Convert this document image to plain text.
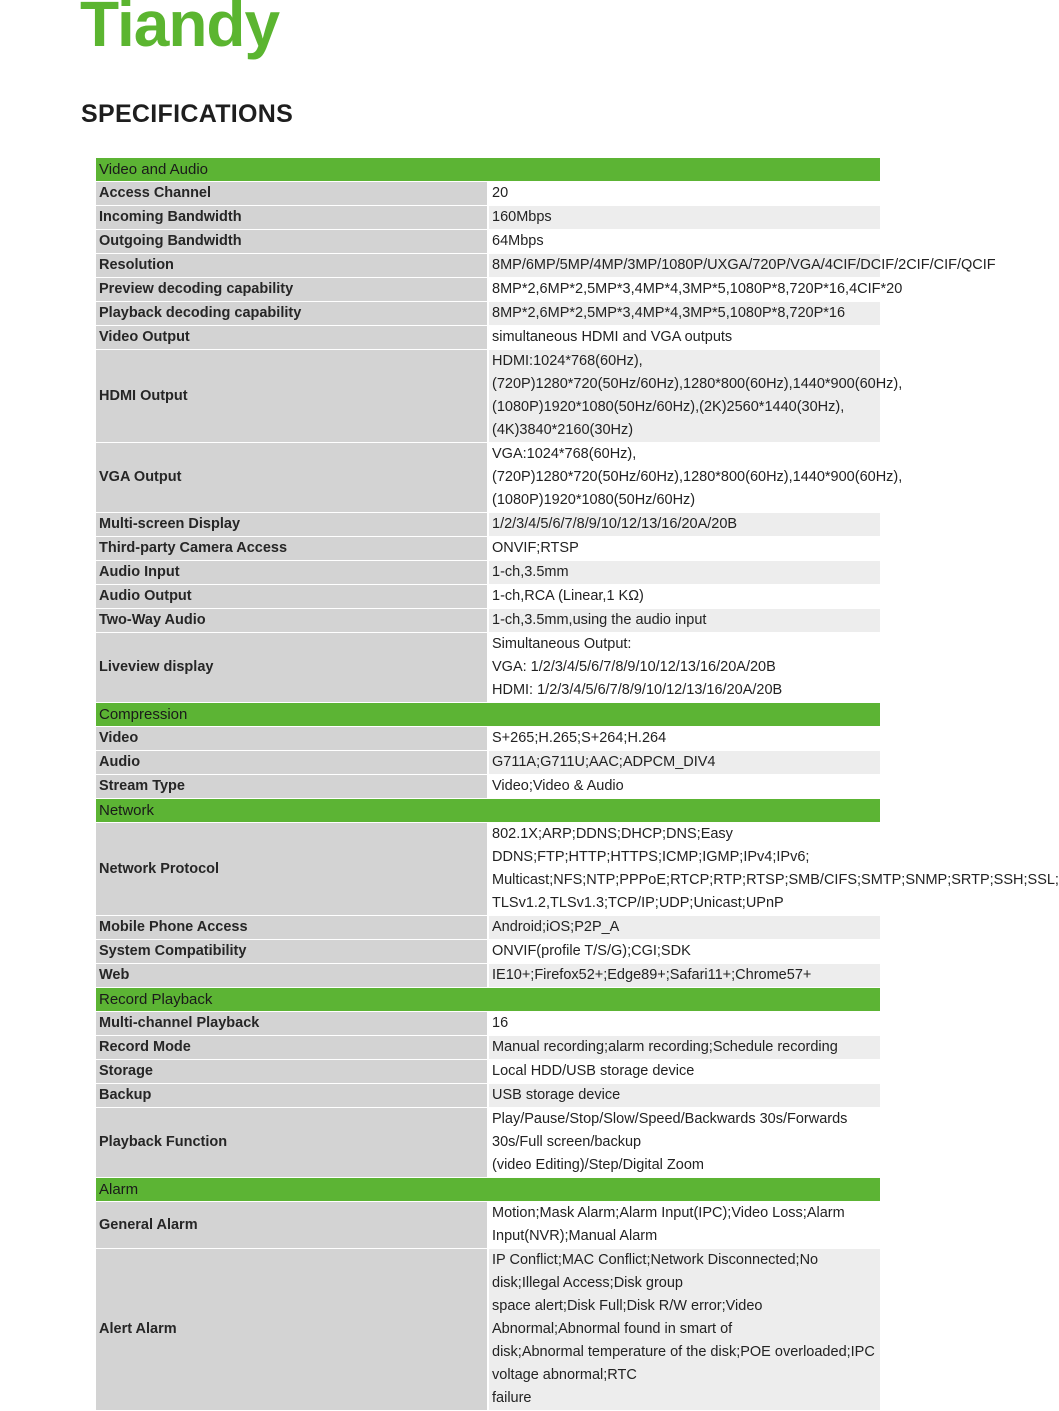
Tiandy
SPECIFICATIONS
Video and Audio	
Access Channel	20

Incoming Bandwidth	160Mbps

Outgoing Bandwidth	64Mbps

Resolution	8MP/6MP/5MP/4MP/3MP/1080P/UXGA/720P/VGA/4CIF/DCIF/2CIF/CIF/QCIF

Preview decoding capability	8MP*2,6MP*2,5MP*3,4MP*4,3MP*5,1080P*8,720P*16,4CIF*20

Playback decoding capability	8MP*2,6MP*2,5MP*3,4MP*4,3MP*5,1080P*8,720P*16

Video Output	simultaneous HDMI and VGA outputs

HDMI Output	HDMI:1024*768(60Hz),(720P)1280*720(50Hz/60Hz),1280*800(60Hz),1440*900(60Hz),
(1080P)1920*1080(50Hz/60Hz),(2K)2560*1440(30Hz),(4K)3840*2160(30Hz)

VGA Output	VGA:1024*768(60Hz),(720P)1280*720(50Hz/60Hz),1280*800(60Hz),1440*900(60Hz),
(1080P)1920*1080(50Hz/60Hz)

Multi-screen Display	1/2/3/4/5/6/7/8/9/10/12/13/16/20A/20B

Third-party Camera Access	ONVIF;RTSP

Audio Input	1-ch,3.5mm

Audio Output	1-ch,RCA (Linear,1 KΩ)

Two-Way Audio	1-ch,3.5mm,using the audio input

Liveview display	Simultaneous Output:
VGA: 1/2/3/4/5/6/7/8/9/10/12/13/16/20A/20B
HDMI: 1/2/3/4/5/6/7/8/9/10/12/13/16/20A/20B

Compression	
Video	S+265;H.265;S+264;H.264

Audio	G711A;G711U;AAC;ADPCM_DIV4

Stream Type	Video;Video & Audio

Network	
Network Protocol	802.1X;ARP;DDNS;DHCP;DNS;Easy DDNS;FTP;HTTP;HTTPS;ICMP;IGMP;IPv4;IPv6;
Multicast;NFS;NTP;PPPoE;RTCP;RTP;RTSP;SMB/CIFS;SMTP;SNMP;SRTP;SSH;SSL;
TLSv1.2,TLSv1.3;TCP/IP;UDP;Unicast;UPnP

Mobile Phone Access	Android;iOS;P2P_A

System Compatibility	ONVIF(profile T/S/G);CGI;SDK

Web	IE10+;Firefox52+;Edge89+;Safari11+;Chrome57+

Record Playback	
Multi-channel Playback	16

Record Mode	Manual recording;alarm recording;Schedule recording

Storage	Local HDD/USB storage device

Backup	USB storage device

Playback Function	Play/Pause/Stop/Slow/Speed/Backwards 30s/Forwards 30s/Full screen/backup
(video Editing)/Step/Digital Zoom

Alarm	
General Alarm	Motion;Mask Alarm;Alarm Input(IPC);Video Loss;Alarm Input(NVR);Manual Alarm

Alert Alarm	IP Conflict;MAC Conflict;Network Disconnected;No disk;Illegal Access;Disk group
space alert;Disk Full;Disk R/W error;Video Abnormal;Abnormal found in smart of
disk;Abnormal temperature of the disk;POE overloaded;IPC voltage abnormal;RTC
failure
